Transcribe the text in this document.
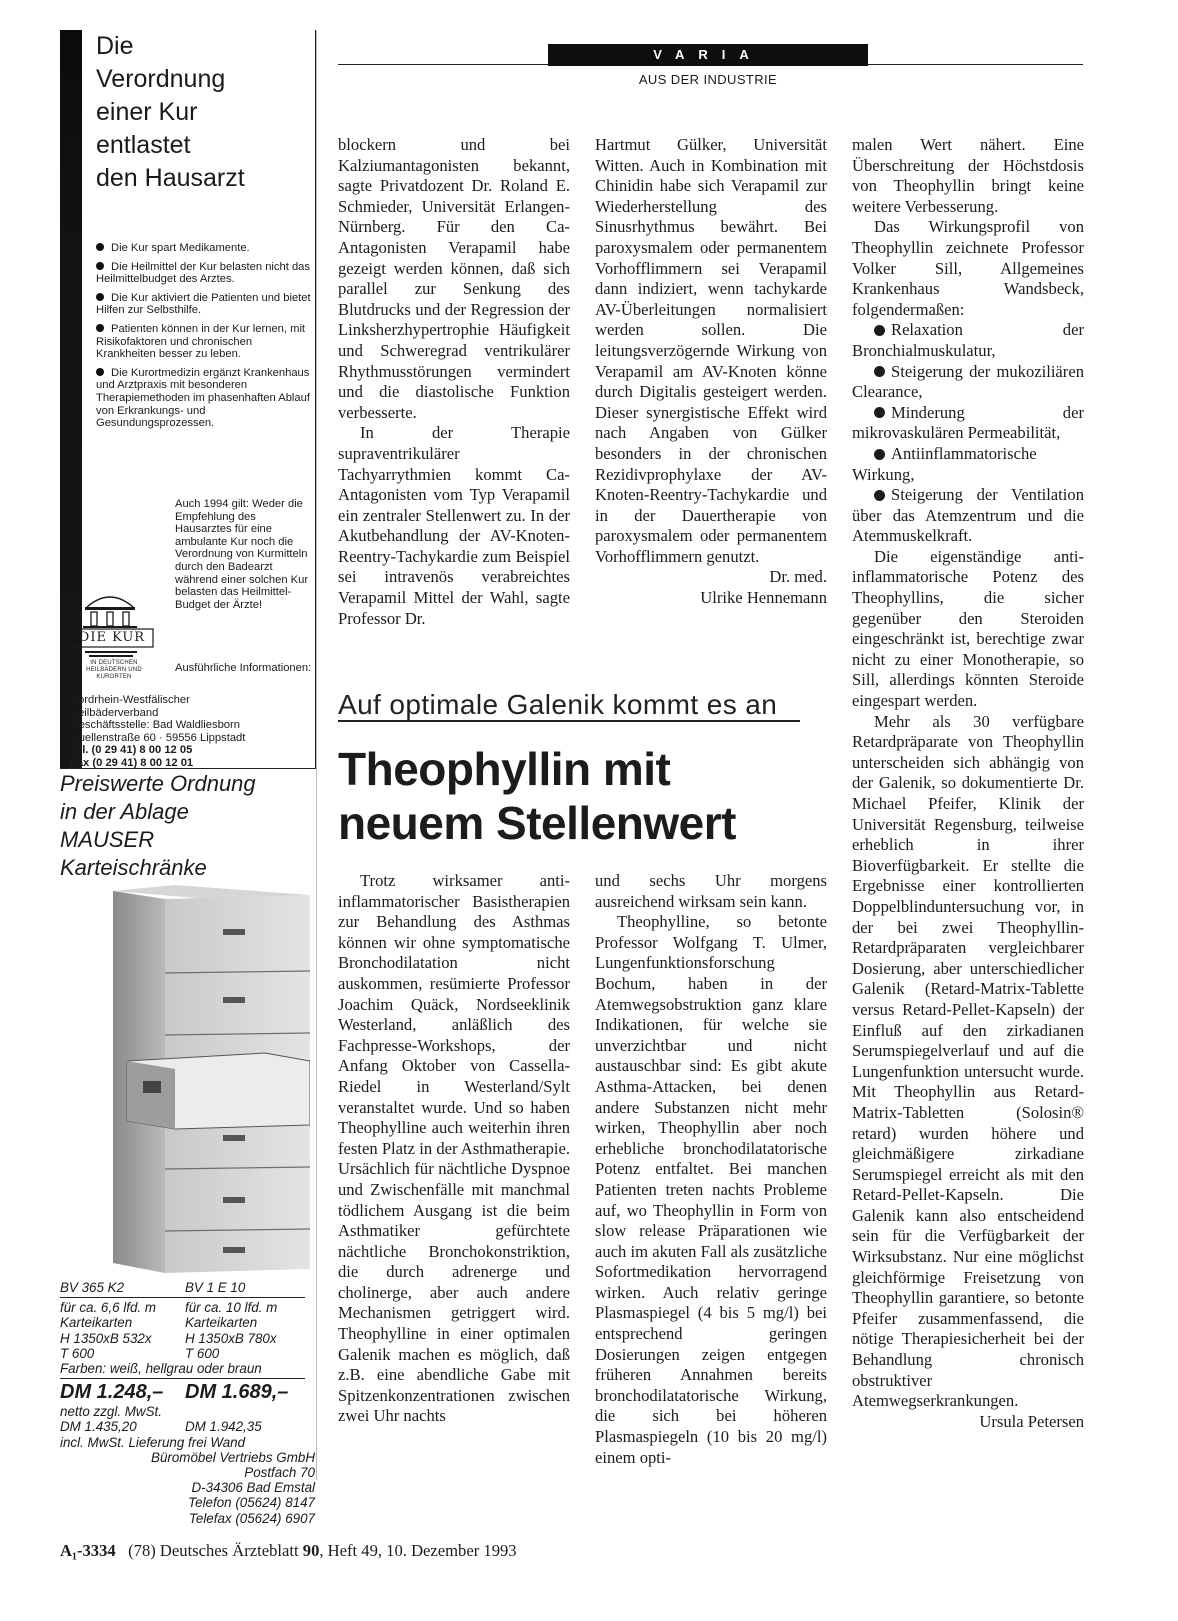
Die
Verordnung
einer Kur
entlastet
den Hausarzt
Die Kur spart Medikamente.
Die Heilmittel der Kur belasten nicht das Heilmittelbudget des Arztes.
Die Kur aktiviert die Patienten und bietet Hilfen zur Selbsthilfe.
Patienten können in der Kur lernen, mit Risikofaktoren und chronischen Krankheiten besser zu leben.
Die Kurortmedizin ergänzt Krankenhaus und Arztpraxis mit besonderen Therapiemethoden im phasenhaften Ablauf von Erkrankungs- und Gesundungsprozessen.
Auch 1994 gilt: Weder die Empfehlung des Hausarztes für eine ambulante Kur noch die Verordnung von Kurmitteln durch den Badearzt während einer solchen Kur belasten das Heilmittel-Budget der Ärzte!
DIE KUR
IN DEUTSCHEN HEILBÄDERN UND KURORTEN
Ausführliche Informationen:
Nordrhein-Westfälischer
Heilbäderverband
Geschäftsstelle: Bad Waldliesborn
Quellenstraße 60 · 59556 Lippstadt
Tel. (0 29 41) 8 00 12 05
Fax (0 29 41) 8 00 12 01
Preiswerte Ordnung
in der Ablage
MAUSER
Karteischränke
BV 365 K2	BV 1 E 10
für ca. 6,6 lfd. m	für ca. 10 lfd. m
Karteikarten	Karteikarten
H 1350xB 532x	H 1350xB 780x
T 600	T 600
Farben: weiß, hellgrau oder braun
DM 1.248,–	DM 1.689,–
netto zzgl. MwSt.
DM 1.435,20	DM 1.942,35
incl. MwSt. Lieferung frei Wand
Büromöbel Vertriebs GmbH
Postfach 70
D-34306 Bad Emstal
Telefon (05624) 8147
Telefax (05624) 6907
VARIA
AUS DER INDUSTRIE

blockern und bei Kalziumantagonisten bekannt, sagte Privatdozent Dr. Roland E. Schmieder, Universität Erlangen-Nürnberg. Für den Ca-Antagonisten Verapamil habe gezeigt werden können, daß sich parallel zur Senkung des Blutdrucks und der Regression der Linksherzhypertrophie Häufigkeit und Schweregrad ventrikulärer Rhythmusstörungen vermindert und die diastolische Funktion verbesserte.

In der Therapie supraventrikulärer Tachyarrythmien kommt Ca-Antagonisten vom Typ Verapamil ein zentraler Stellenwert zu. In der Akutbehandlung der AV-Knoten-Reentry-Tachykardie zum Beispiel sei intravenös verabreichtes Verapamil Mittel der Wahl, sagte Professor Dr.

Hartmut Gülker, Universität Witten. Auch in Kombination mit Chinidin habe sich Verapamil zur Wiederherstellung des Sinusrhythmus bewährt. Bei paroxysmalem oder permanentem Vorhofflimmern sei Verapamil dann indiziert, wenn tachykarde AV-Überleitungen normalisiert werden sollen. Die leitungsverzögernde Wirkung von Verapamil am AV-Knoten könne durch Digitalis gesteigert werden. Dieser synergistische Effekt wird nach Angaben von Gülker besonders in der chronischen Rezidivprophylaxe der AV-Knoten-Reentry-Tachykardie und in der Dauertherapie von paroxysmalem oder permanentem Vorhofflimmern genutzt.

Dr. med.

Ulrike Hennemann

Auf optimale Galenik kommt es an
Theophyllin mit
neuem Stellenwert

Trotz wirksamer anti-inflammatorischer Basistherapien zur Behandlung des Asthmas können wir ohne symptomatische Bronchodilatation nicht auskommen, resümierte Professor Joachim Quäck, Nordseeklinik Westerland, anläßlich des Fachpresse-Workshops, der Anfang Oktober von Cassella-Riedel in Westerland/Sylt veranstaltet wurde. Und so haben Theophylline auch weiterhin ihren festen Platz in der Asthmatherapie. Ursächlich für nächtliche Dyspnoe und Zwischenfälle mit manchmal tödlichem Ausgang ist die beim Asthmatiker gefürchtete nächtliche Bronchokonstriktion, die durch adrenerge und cholinerge, aber auch andere Mechanismen getriggert wird. Theophylline in einer optimalen Galenik machen es möglich, daß z.B. eine abendliche Gabe mit Spitzenkonzentrationen zwischen zwei Uhr nachts

und sechs Uhr morgens ausreichend wirksam sein kann.

Theophylline, so betonte Professor Wolfgang T. Ulmer, Lungenfunktionsforschung Bochum, haben in der Atemwegsobstruktion ganz klare Indikationen, für welche sie unverzichtbar und nicht austauschbar sind: Es gibt akute Asthma-Attacken, bei denen andere Substanzen nicht mehr wirken, Theophyllin aber noch erhebliche bronchodilatatorische Potenz entfaltet. Bei manchen Patienten treten nachts Probleme auf, wo Theophyllin in Form von slow release Präparationen wie auch im akuten Fall als zusätzliche Sofortmedikation hervorragend wirken. Auch relativ geringe Plasmaspiegel (4 bis 5 mg/l) bei entsprechend geringen Dosierungen zeigen entgegen früheren Annahmen bereits bronchodilatatorische Wirkung, die sich bei höheren Plasmaspiegeln (10 bis 20 mg/l) einem opti-

malen Wert nähert. Eine Überschreitung der Höchstdosis von Theophyllin bringt keine weitere Verbesserung.

Das Wirkungsprofil von Theophyllin zeichnete Professor Volker Sill, Allgemeines Krankenhaus Wandsbeck, folgendermaßen:

Relaxation der Bronchialmuskulatur,

Steigerung der mukoziliären Clearance,

Minderung der mikrovaskulären Permeabilität,

Antiinflammatorische Wirkung,

Steigerung der Ventilation über das Atemzentrum und die Atemmuskelkraft.

Die eigenständige anti-inflammatorische Potenz des Theophyllins, die sicher gegenüber den Steroiden eingeschränkt ist, berechtige zwar nicht zu einer Monotherapie, so Sill, allerdings könnten Steroide eingespart werden.

Mehr als 30 verfügbare Retardpräparate von Theophyllin unterscheiden sich abhängig von der Galenik, so dokumentierte Dr. Michael Pfeifer, Klinik der Universität Regensburg, teilweise erheblich in ihrer Bioverfügbarkeit. Er stellte die Ergebnisse einer kontrollierten Doppelblinduntersuchung vor, in der bei zwei Theophyllin-Retardpräparaten vergleichbarer Dosierung, aber unterschiedlicher Galenik (Retard-Matrix-Tablette versus Retard-Pellet-Kapseln) der Einfluß auf den zirkadianen Serumspiegelverlauf und auf die Lungenfunktion untersucht wurde. Mit Theophyllin aus Retard-Matrix-Tabletten (Solosin® retard) wurden höhere und gleichmäßigere zirkadiane Serumspiegel erreicht als mit den Retard-Pellet-Kapseln. Die Galenik kann also entscheidend sein für die Verfügbarkeit der Wirksubstanz. Nur eine möglichst gleichförmige Freisetzung von Theophyllin garantiere, so betonte Pfeifer zusammenfassend, die nötige Therapiesicherheit bei der Behandlung chronisch obstruktiver Atemwegserkrankungen.

Ursula Petersen

A₁-3334 (78) Deutsches Ärzteblatt 90, Heft 49, 10. Dezember 1993
